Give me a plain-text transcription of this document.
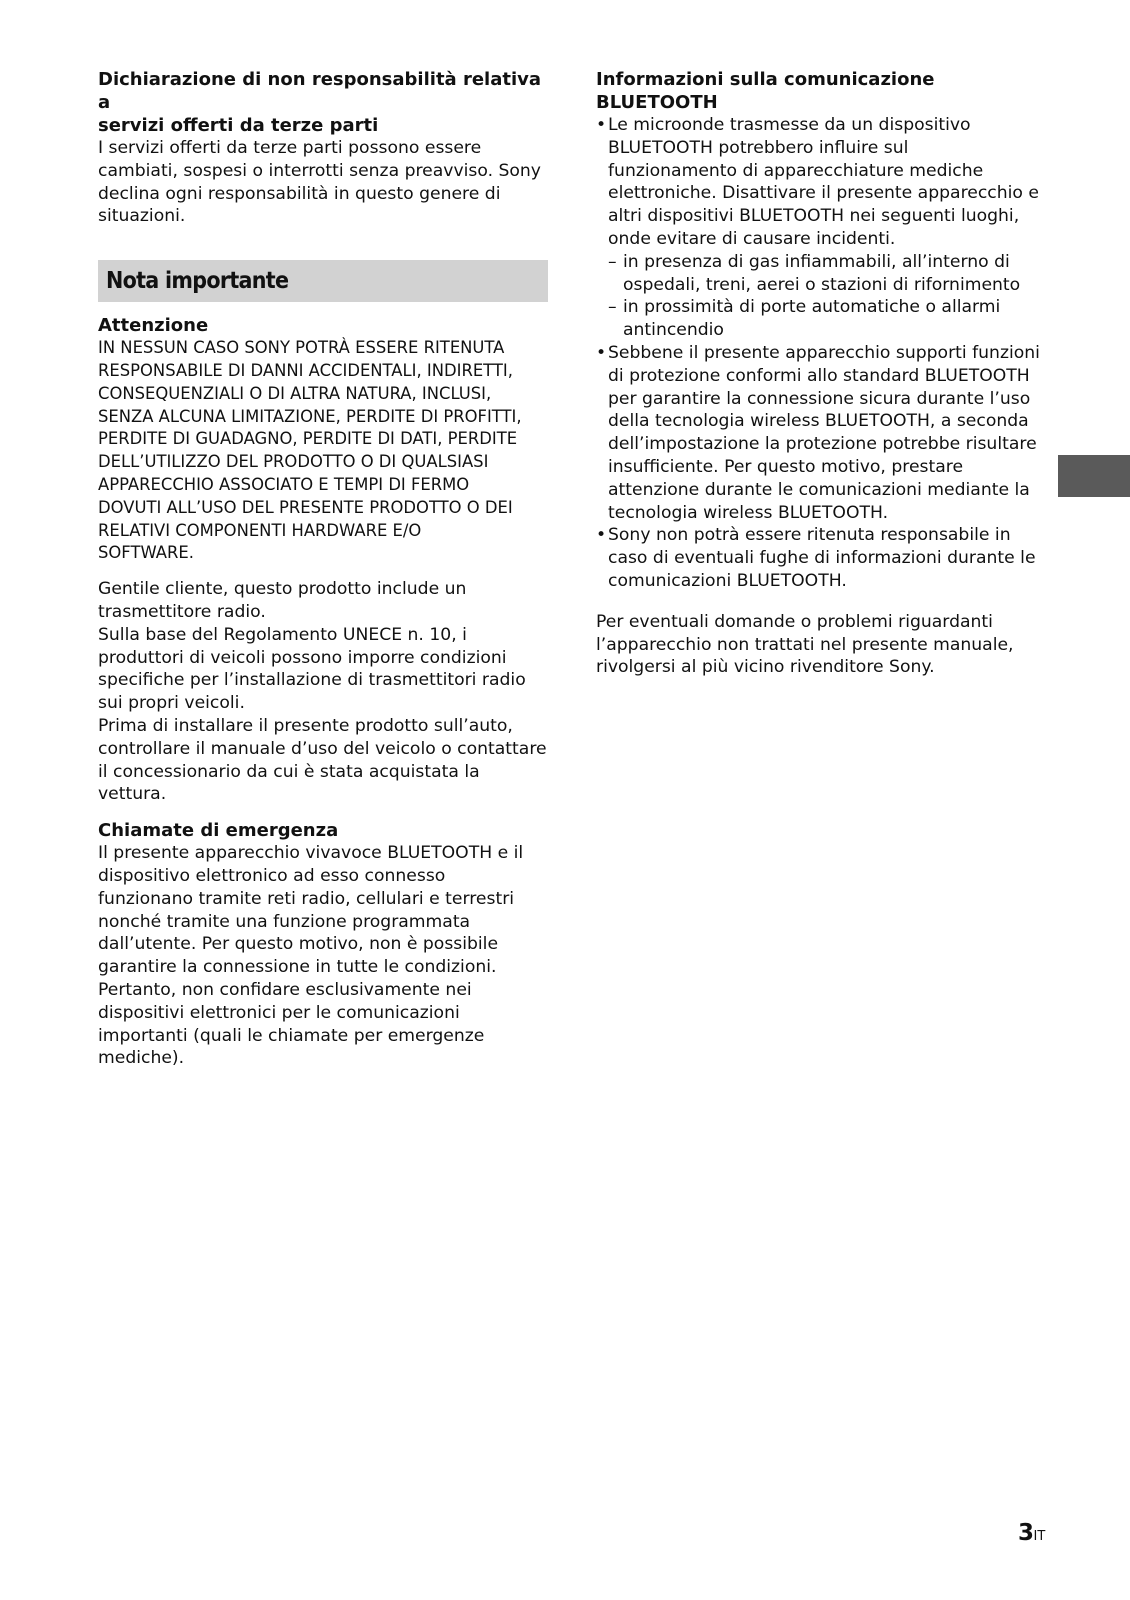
Dichiarazione di non responsabilità relativa a
servizi offerti da terze parti
I servizi offerti da terze parti possono essere
cambiati, sospesi o interrotti senza preavviso. Sony
declina ogni responsabilità in questo genere di
situazioni.
Nota importante
Attenzione
IN NESSUN CASO SONY POTRÀ ESSERE RITENUTA
RESPONSABILE DI DANNI ACCIDENTALI, INDIRETTI,
CONSEQUENZIALI O DI ALTRA NATURA, INCLUSI,
SENZA ALCUNA LIMITAZIONE, PERDITE DI PROFITTI,
PERDITE DI GUADAGNO, PERDITE DI DATI, PERDITE
DELL’UTILIZZO DEL PRODOTTO O DI QUALSIASI
APPARECCHIO ASSOCIATO E TEMPI DI FERMO
DOVUTI ALL’USO DEL PRESENTE PRODOTTO O DEI
RELATIVI COMPONENTI HARDWARE E/O
SOFTWARE.
Gentile cliente, questo prodotto include un
trasmettitore radio.
Sulla base del Regolamento UNECE n. 10, i
produttori di veicoli possono imporre condizioni
specifiche per l’installazione di trasmettitori radio
sui propri veicoli.
Prima di installare il presente prodotto sull’auto,
controllare il manuale d’uso del veicolo o contattare
il concessionario da cui è stata acquistata la vettura.
Chiamate di emergenza
Il presente apparecchio vivavoce BLUETOOTH e il
dispositivo elettronico ad esso connesso
funzionano tramite reti radio, cellulari e terrestri
nonché tramite una funzione programmata
dall’utente. Per questo motivo, non è possibile
garantire la connessione in tutte le condizioni.
Pertanto, non confidare esclusivamente nei
dispositivi elettronici per le comunicazioni
importanti (quali le chiamate per emergenze
mediche).
Informazioni sulla comunicazione BLUETOOTH
• Le microonde trasmesse da un dispositivo
BLUETOOTH potrebbero influire sul
funzionamento di apparecchiature mediche
elettroniche. Disattivare il presente apparecchio e
altri dispositivi BLUETOOTH nei seguenti luoghi,
onde evitare di causare incidenti.
– in presenza di gas infiammabili, all’interno di
ospedali, treni, aerei o stazioni di rifornimento
– in prossimità di porte automatiche o allarmi
antincendio
• Sebbene il presente apparecchio supporti funzioni
di protezione conformi allo standard BLUETOOTH
per garantire la connessione sicura durante l’uso
della tecnologia wireless BLUETOOTH, a seconda
dell’impostazione la protezione potrebbe risultare
insufficiente. Per questo motivo, prestare
attenzione durante le comunicazioni mediante la
tecnologia wireless BLUETOOTH.
• Sony non potrà essere ritenuta responsabile in
caso di eventuali fughe di informazioni durante le
comunicazioni BLUETOOTH.
Per eventuali domande o problemi riguardanti
l’apparecchio non trattati nel presente manuale,
rivolgersi al più vicino rivenditore Sony.
3IT
